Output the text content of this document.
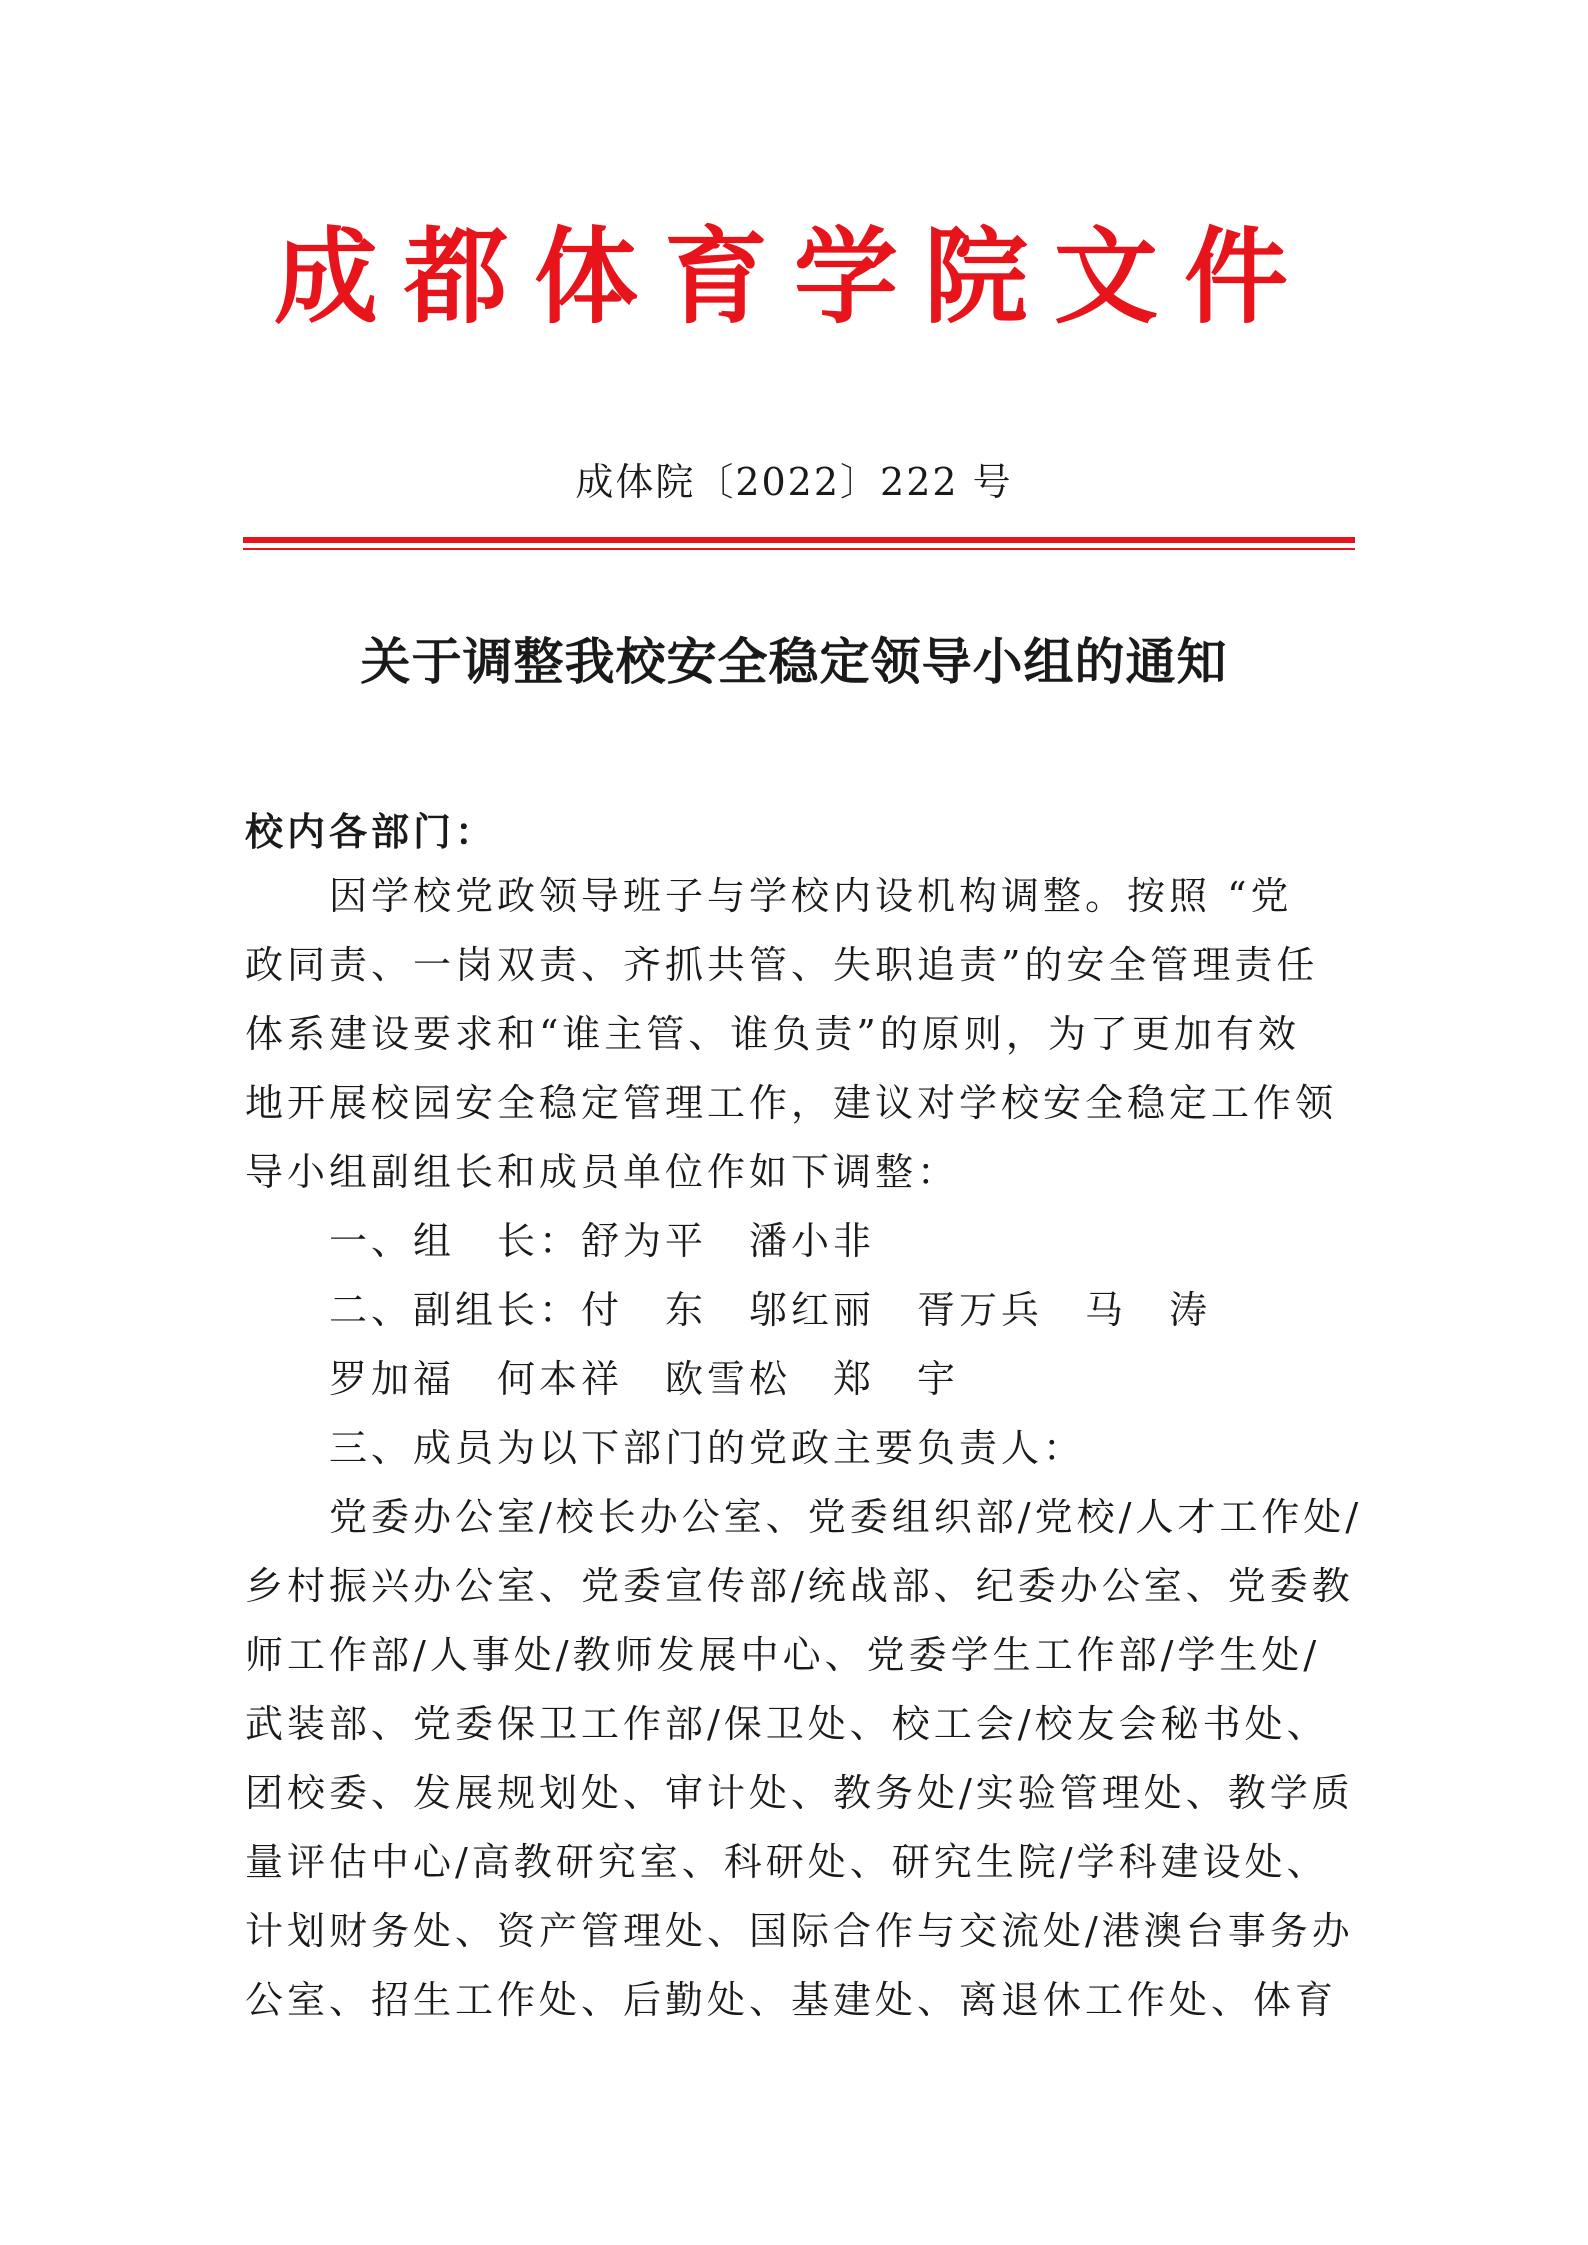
成都体育学院文件
成体院〔2022〕222 号
关于调整我校安全稳定领导小组的通知
校内各部门：
　　因学校党政领导班子与学校内设机构调整。按照 “党
政同责、一岗双责、齐抓共管、失职追责”的安全管理责任
体系建设要求和“谁主管、谁负责”的原则，为了更加有效
地开展校园安全稳定管理工作，建议对学校安全稳定工作领
导小组副组长和成员单位作如下调整：
　　一、组　长：舒为平　潘小非
　　二、副组长：付　东　邬红丽　胥万兵　马　涛
　　罗加福　何本祥　欧雪松　郑　宇
　　三、成员为以下部门的党政主要负责人：
　　党委办公室/校长办公室、党委组织部/党校/人才工作处/
乡村振兴办公室、党委宣传部/统战部、纪委办公室、党委教
师工作部/人事处/教师发展中心、党委学生工作部/学生处/
武装部、党委保卫工作部/保卫处、校工会/校友会秘书处、
团校委、发展规划处、审计处、教务处/实验管理处、教学质
量评估中心/高教研究室、科研处、研究生院/学科建设处、
计划财务处、资产管理处、国际合作与交流处/港澳台事务办
公室、招生工作处、后勤处、基建处、离退休工作处、体育
